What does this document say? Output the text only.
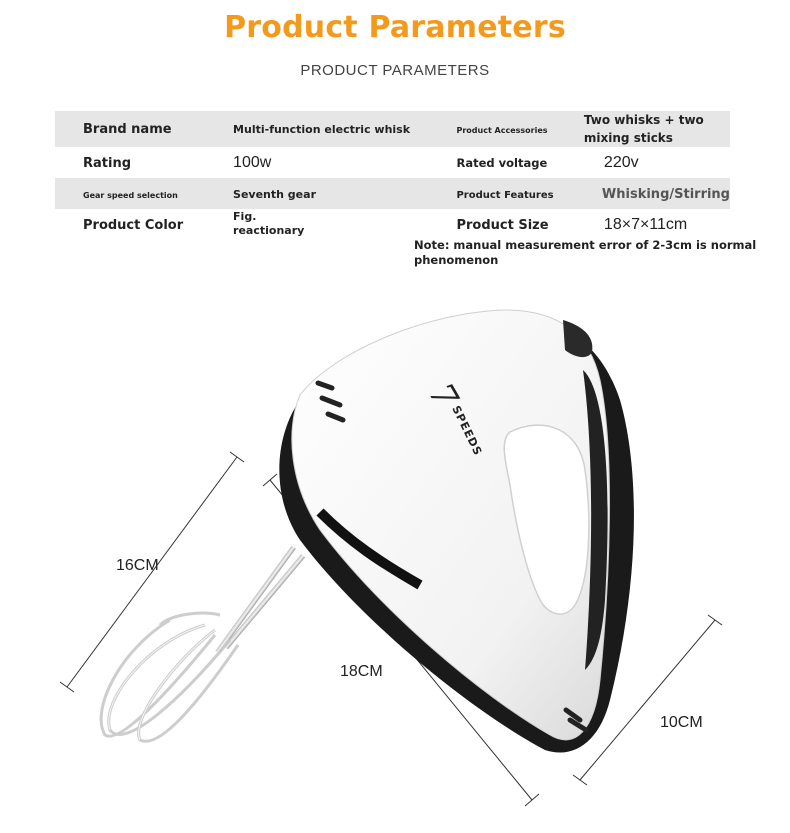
Product Parameters
PRODUCT PARAMETERS
Brand name	Multi-function electric whisk	Product Accessories	Two whisks + two mixing sticks
Rating	100w	Rated voltage	220v
Gear speed selection	Seventh gear	Product Features	Whisking/Stirring
Product Color	Fig. reactionary	Product Size	18×7×11cm
Note: manual measurement error of 2-3cm is normal phenomenon
7
SPEEDS
16CM
18CM
10CM
